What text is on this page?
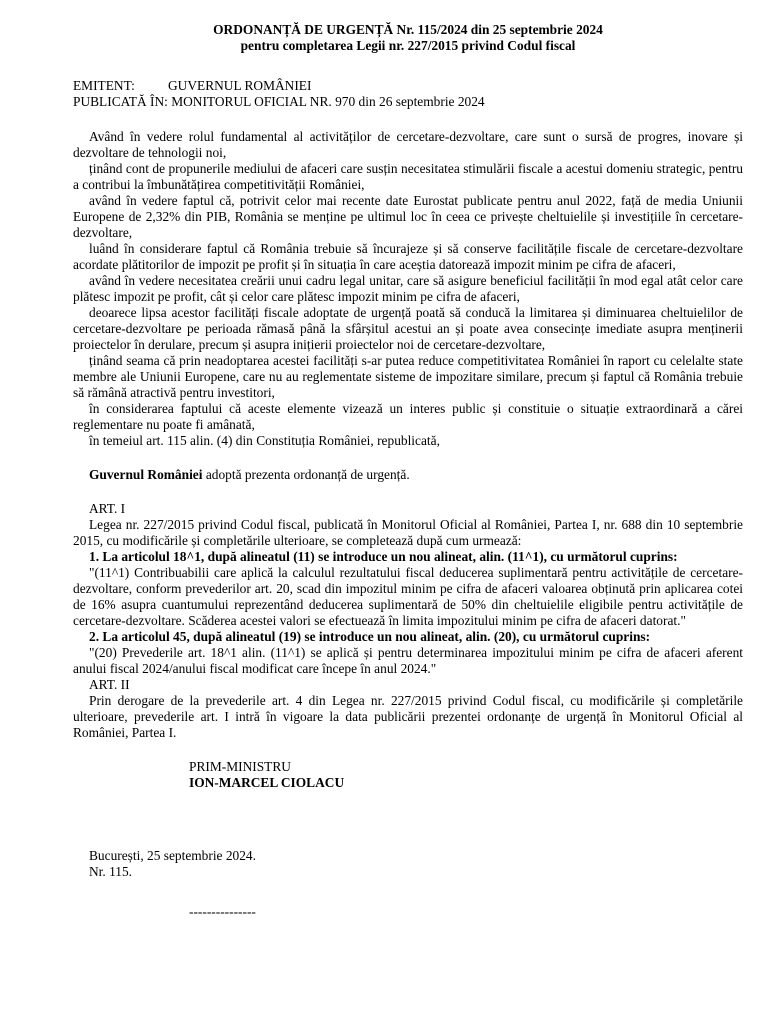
ORDONANȚĂ DE URGENȚĂ Nr. 115/2024 din 25 septembrie 2024

pentru completarea Legii nr. 227/2015 privind Codul fiscal

EMITENT: GUVERNUL ROMÂNIEI

PUBLICATĂ ÎN: MONITORUL OFICIAL NR. 970 din 26 septembrie 2024

Având în vedere rolul fundamental al activităților de cercetare-dezvoltare, care sunt o sursă de progres, inovare și dezvoltare de tehnologii noi,

ținând cont de propunerile mediului de afaceri care susțin necesitatea stimulării fiscale a acestui domeniu strategic, pentru a contribui la îmbunătățirea competitivității României,

având în vedere faptul că, potrivit celor mai recente date Eurostat publicate pentru anul 2022, față de media Uniunii Europene de 2,32% din PIB, România se menține pe ultimul loc în ceea ce privește cheltuielile și investițiile în cercetare-dezvoltare,

luând în considerare faptul că România trebuie să încurajeze și să conserve facilitățile fiscale de cercetare-dezvoltare acordate plătitorilor de impozit pe profit și în situația în care aceștia datorează impozit minim pe cifra de afaceri,

având în vedere necesitatea creării unui cadru legal unitar, care să asigure beneficiul facilității în mod egal atât celor care plătesc impozit pe profit, cât și celor care plătesc impozit minim pe cifra de afaceri,

deoarece lipsa acestor facilități fiscale adoptate de urgență poată să conducă la limitarea și diminuarea cheltuielilor de cercetare-dezvoltare pe perioada rămasă până la sfârșitul acestui an și poate avea consecințe imediate asupra menținerii proiectelor în derulare, precum și asupra inițierii proiectelor noi de cercetare-dezvoltare,

ținând seama că prin neadoptarea acestei facilități s-ar putea reduce competitivitatea României în raport cu celelalte state membre ale Uniunii Europene, care nu au reglementate sisteme de impozitare similare, precum și faptul că România trebuie să rămână atractivă pentru investitori,

în considerarea faptului că aceste elemente vizează un interes public și constituie o situație extraordinară a cărei reglementare nu poate fi amânată,

în temeiul art. 115 alin. (4) din Constituția României, republicată,

Guvernul României adoptă prezenta ordonanță de urgență.

ART. I

Legea nr. 227/2015 privind Codul fiscal, publicată în Monitorul Oficial al României, Partea I, nr. 688 din 10 septembrie 2015, cu modificările și completările ulterioare, se completează după cum urmează:

1. La articolul 18^1, după alineatul (11) se introduce un nou alineat, alin. (11^1), cu următorul cuprins:

"(11^1) Contribuabilii care aplică la calculul rezultatului fiscal deducerea suplimentară pentru activitățile de cercetare-dezvoltare, conform prevederilor art. 20, scad din impozitul minim pe cifra de afaceri valoarea obținută prin aplicarea cotei de 16% asupra cuantumului reprezentând deducerea suplimentară de 50% din cheltuielile eligibile pentru activitățile de cercetare-dezvoltare. Scăderea acestei valori se efectuează în limita impozitului minim pe cifra de afaceri datorat."

2. La articolul 45, după alineatul (19) se introduce un nou alineat, alin. (20), cu următorul cuprins:

"(20) Prevederile art. 18^1 alin. (11^1) se aplică și pentru determinarea impozitului minim pe cifra de afaceri aferent anului fiscal 2024/anului fiscal modificat care începe în anul 2024."

ART. II

Prin derogare de la prevederile art. 4 din Legea nr. 227/2015 privind Codul fiscal, cu modificările și completările ulterioare, prevederile art. I intră în vigoare la data publicării prezentei ordonanțe de urgență în Monitorul Oficial al României, Partea I.

PRIM-MINISTRU

ION-MARCEL CIOLACU

București, 25 septembrie 2024.

Nr. 115.

---------------
